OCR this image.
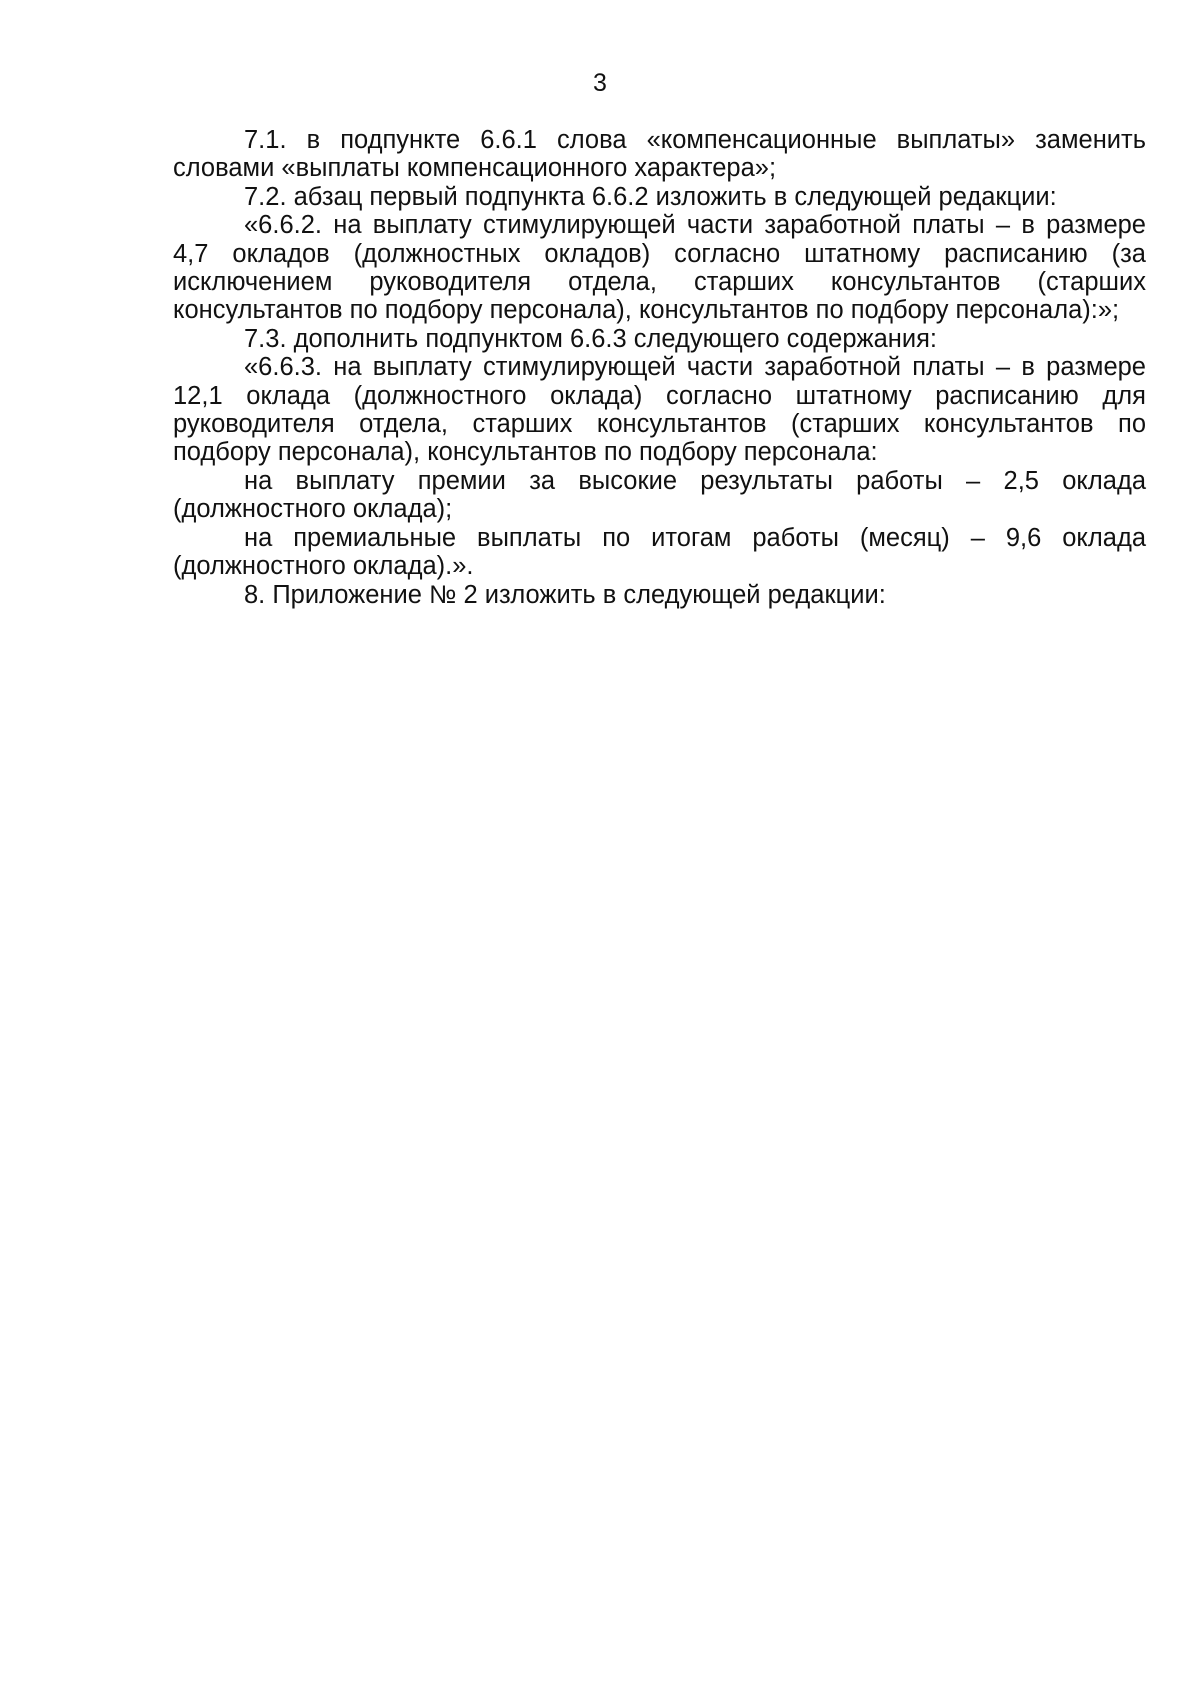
3

7.1. в подпункте 6.6.1 слова «компенсационные выплаты» заменить словами «выплаты компенсационного характера»;

7.2. абзац первый подпункта 6.6.2 изложить в следующей редакции:

«6.6.2. на выплату стимулирующей части заработной платы – в размере 4,7 окладов (должностных окладов) согласно штатному расписанию (за исключением руководителя отдела, старших консультантов (старших консультантов по подбору персонала), консультантов по подбору персонала):»;

7.3. дополнить подпунктом 6.6.3 следующего содержания:

«6.6.3. на выплату стимулирующей части заработной платы – в размере 12,1 оклада (должностного оклада) согласно штатному расписанию для руководителя отдела, старших консультантов (старших консультантов по подбору персонала), консультантов по подбору персонала:

на выплату премии за высокие результаты работы – 2,5 оклада (должностного оклада);

на премиальные выплаты по итогам работы (месяц) – 9,6 оклада (должностного оклада).».

8. Приложение № 2 изложить в следующей редакции:
